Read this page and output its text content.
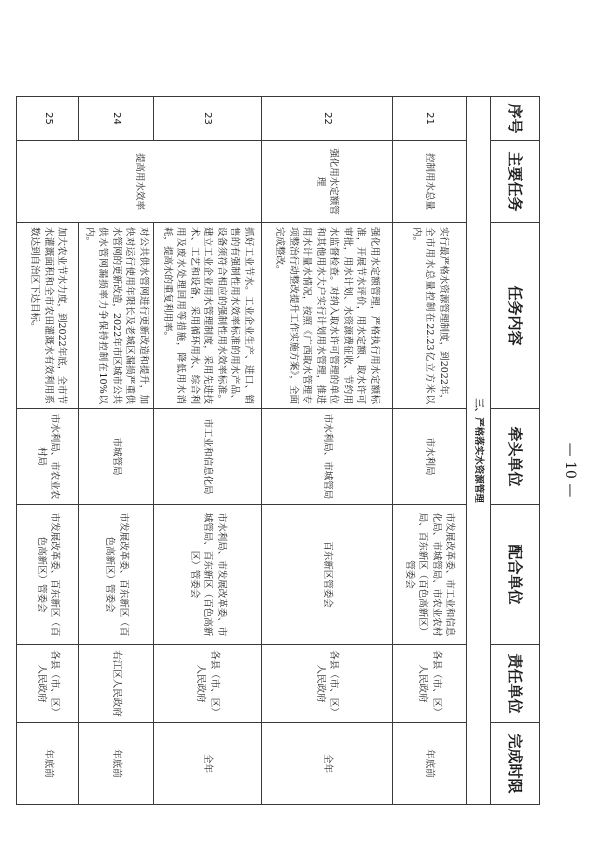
— 10 —
序号	主要任务	任务内容	牵头单位	配合单位	责任单位	完成时限
三、严格落实水资源管理						
21	控制用水总量	实行最严格水资源管理制度，到2022年，全市用水总量控制在22.23亿立方米以内。	市水利局	市发展改革委、市工业和信息化局、市城管局、市农业农村局、百东新区（百色高新区）管委会	各县（市、区）人民政府	年底前
22	强化用水定额管理	强化用水定额管理，严格执行用水定额标准，开展节水评价，用水定额、取水许可审批，用水计划、水资源费征收、节约用水监督检查。对纳入取水许可管理的单位和其他用水大户实行计划用水管理，推进用水计量水情况，按照《广西取水管理专项整治行动整改提升工作实施方案》，全面完成整改。	市水利局、市城管局	百东新区管委会	各县（市、区）人民政府	全年
23	提高用水效率	抓好工业节水。工业企业生产、进口、销售的有强制性用水效率标准的用水产品、设备须符合相应的强制性用水效率标准。建立工业企业用水管理制度，采用先进技术、工艺和设备，采用循环用水、综合利用及废水处理回用等措施，降低用水消耗，提高水的重复利用率。	市工业和信息化局	市水利局、市发展改革委、市城管局、百东新区（百色高新区）管委会	各县（市、区）人民政府	全年
24		对公共供水管网进行更新改造和提升，加快对运行使用年限长及老城区漏损严重供水管网的更新改造，2022年市区城市公共供水管网漏损率力争保持控制在10%以内。	市城管局	市发展改革委、百东新区（百色高新区）管委会	右江区人民政府	年底前
25		加大农业节水力度，到2022年底，全市节水灌溉面积和全市农田灌溉水有效利用系数达到自治区下达目标。	市水利局、市农业农村局	市发展改革委、百东新区（百色高新区）管委会	各县（市、区）人民政府	年底前
